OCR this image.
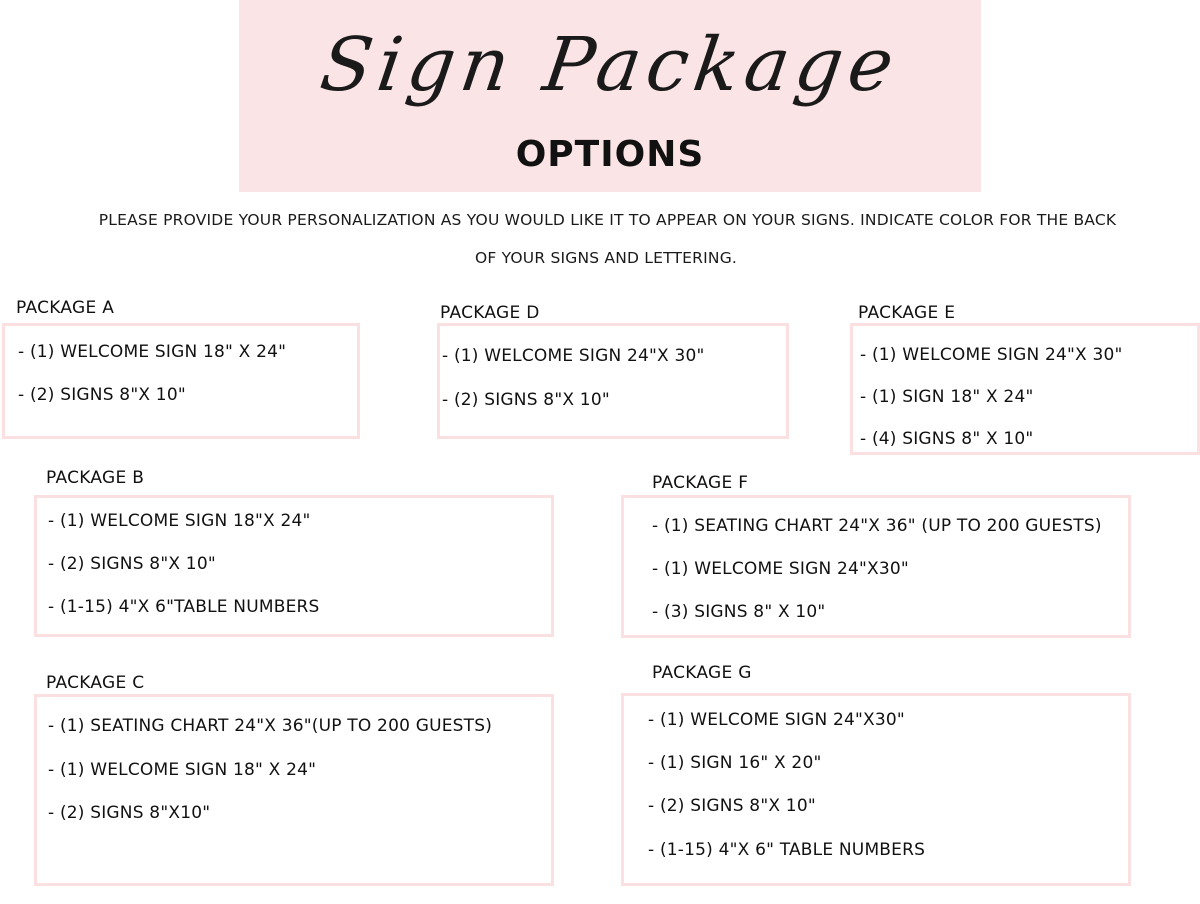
Sign Package
OPTIONS
PLEASE PROVIDE YOUR PERSONALIZATION AS YOU WOULD LIKE IT TO APPEAR ON YOUR SIGNS. INDICATE COLOR FOR THE BACK
OF YOUR SIGNS AND LETTERING.
PACKAGE A
- (1) WELCOME SIGN 18" X 24"
- (2) SIGNS 8"X 10"
PACKAGE D
- (1) WELCOME SIGN 24"X 30"
- (2) SIGNS 8"X 10"
PACKAGE E
- (1) WELCOME SIGN 24"X 30"
- (1) SIGN 18" X 24"
- (4) SIGNS 8" X 10"
PACKAGE B
- (1) WELCOME SIGN 18"X 24"
- (2) SIGNS 8"X 10"
- (1-15) 4"X 6"TABLE NUMBERS
PACKAGE F
- (1) SEATING CHART 24"X 36" (UP TO 200 GUESTS)
- (1) WELCOME SIGN 24"X30"
- (3) SIGNS 8" X 10"
PACKAGE C
- (1) SEATING CHART 24"X 36"(UP TO 200 GUESTS)
- (1) WELCOME SIGN 18" X 24"
- (2) SIGNS 8"X10"
PACKAGE G
- (1) WELCOME SIGN 24"X30"
- (1) SIGN 16" X 20"
- (2) SIGNS 8"X 10"
- (1-15) 4"X 6" TABLE NUMBERS
